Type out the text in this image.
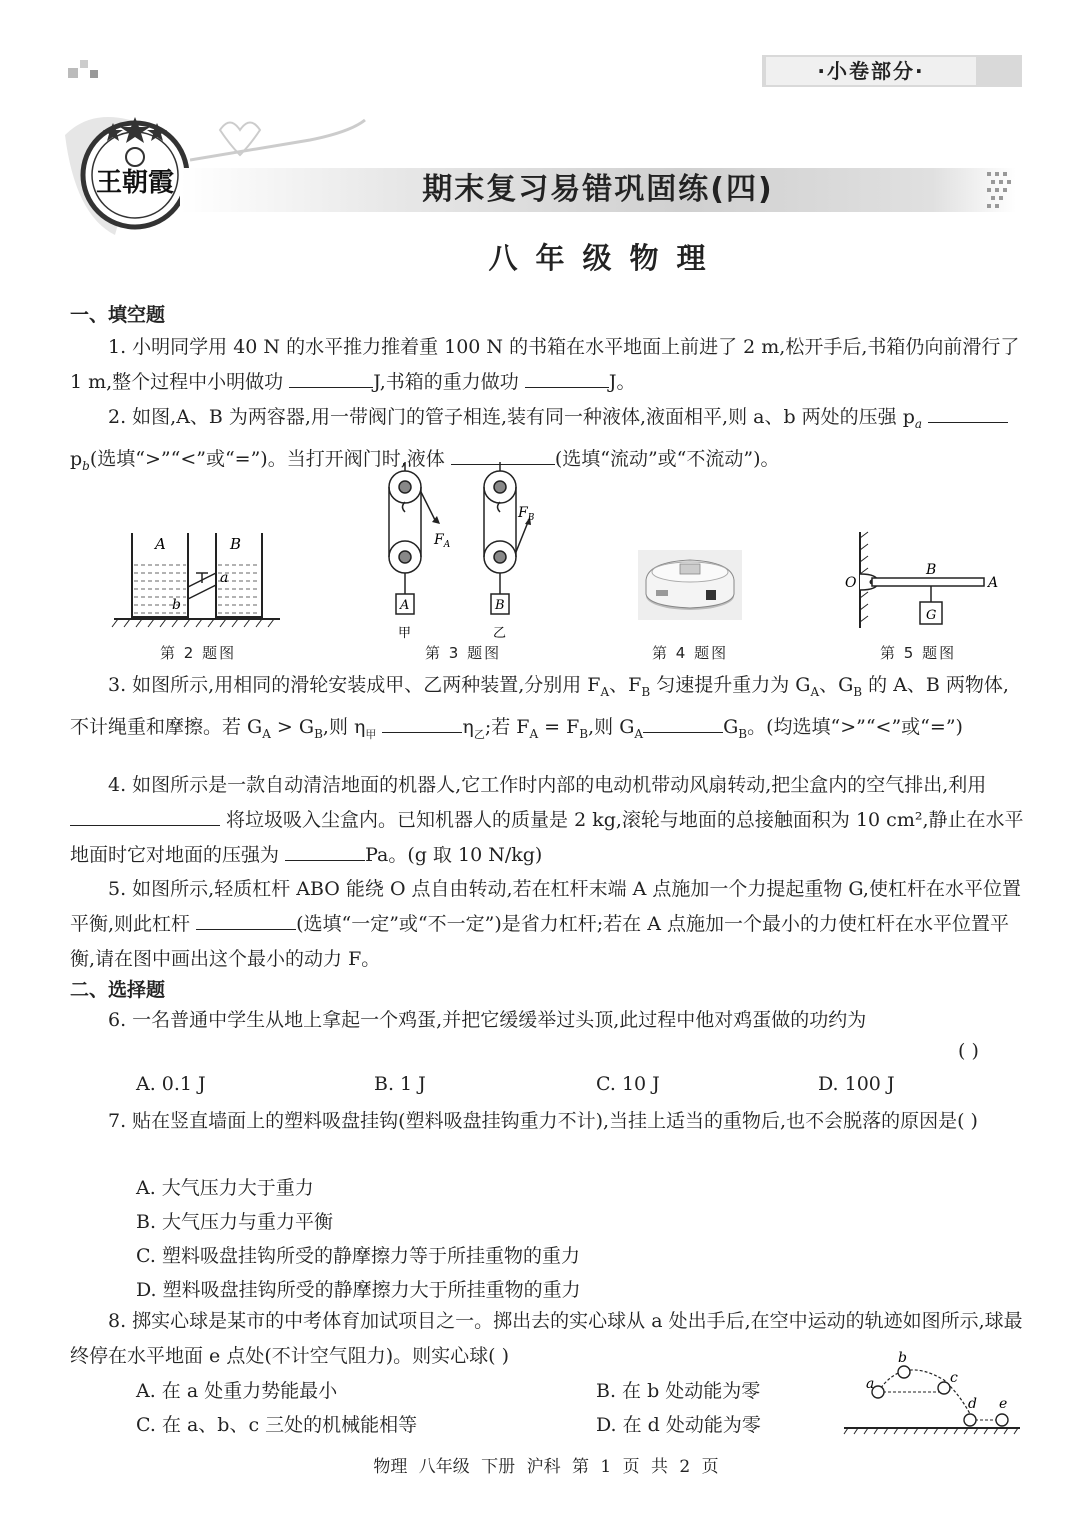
·小卷部分·
王朝霞	期末复习易错巩固练(四)
八年级物理
一、填空题
1. 小明同学用 40 N 的水平推力推着重 100 N 的书箱在水平地面上前进了 2 m,松开手后,书箱仍向前滑行了 1 m,整个过程中小明做功	J,书箱的重力做功	J。
2. 如图,A、B 为两容器,用一带阀门的管子相连,装有同一种液体,液面相平,则 a、b 两处的压强 $p_a$  $p_b$(选填“>”“<”或“=”)。当打开阀门时,液体	(选填“流动”或“不流动”)。
A	B
a
b
第 2 题图
A	B
$F_A$
$F_B$
甲	乙
第 3 题图	第 4 题图
O
B
A
G
第 5 题图
3. 如图所示,用相同的滑轮安装成甲、乙两种装置,分别用 $F_A$、$F_B$ 匀速提升重力为 $G_A$、$G_B$ 的 A、B 两物体,不计绳重和摩擦。若 $G_A > G_B$,则 $\eta_甲$	$\eta_乙$;若 $F_A = F_B$,则 $G_A$	$G_B$。(均选填“>”“<”或“=”)
4. 如图所示是一款自动清洁地面的机器人,它工作时内部的电动机带动风扇转动,把尘盒内的空气排出,利用  将垃圾吸入尘盒内。已知机器人的质量是 2 kg,滚轮与地面的总接触面积为 10 cm²,静止在水平地面时它对地面的压强为	Pa。(g 取 10 N/kg)
5. 如图所示,轻质杠杆 ABO 能绕 O 点自由转动,若在杠杆末端 A 点施加一个力提起重物 G,使杠杆在水平位置平衡,则此杠杆	(选填“一定”或“不一定”)是省力杠杆;若在 A 点施加一个最小的力使杠杆在水平位置平衡,请在图中画出这个最小的动力 F。
二、选择题
6. 一名普通中学生从地上拿起一个鸡蛋,并把它缓缓举过头顶,此过程中他对鸡蛋做的功约为
( )
A. 0.1 J	B. 1 J	C. 10 J	D. 100 J
7. 贴在竖直墙面上的塑料吸盘挂钩(塑料吸盘挂钩重力不计),当挂上适当的重物后,也不会脱落的原因是( )
A. 大气压力大于重力
B. 大气压力与重力平衡
C. 塑料吸盘挂钩所受的静摩擦力等于所挂重物的重力
D. 塑料吸盘挂钩所受的静摩擦力大于所挂重物的重力
8. 掷实心球是某市的中考体育加试项目之一。掷出去的实心球从 a 处出手后,在空中运动的轨迹如图所示,球最终停在水平地面 e 点处(不计空气阻力)。则实心球( )
A. 在 a 处重力势能最小	B. 在 b 处动能为零
C. 在 a、b、c 三处的机械能相等	D. 在 d 处动能为零
a
b
c
d e
物理 八年级 下册 沪科 第 1 页 共 2 页
